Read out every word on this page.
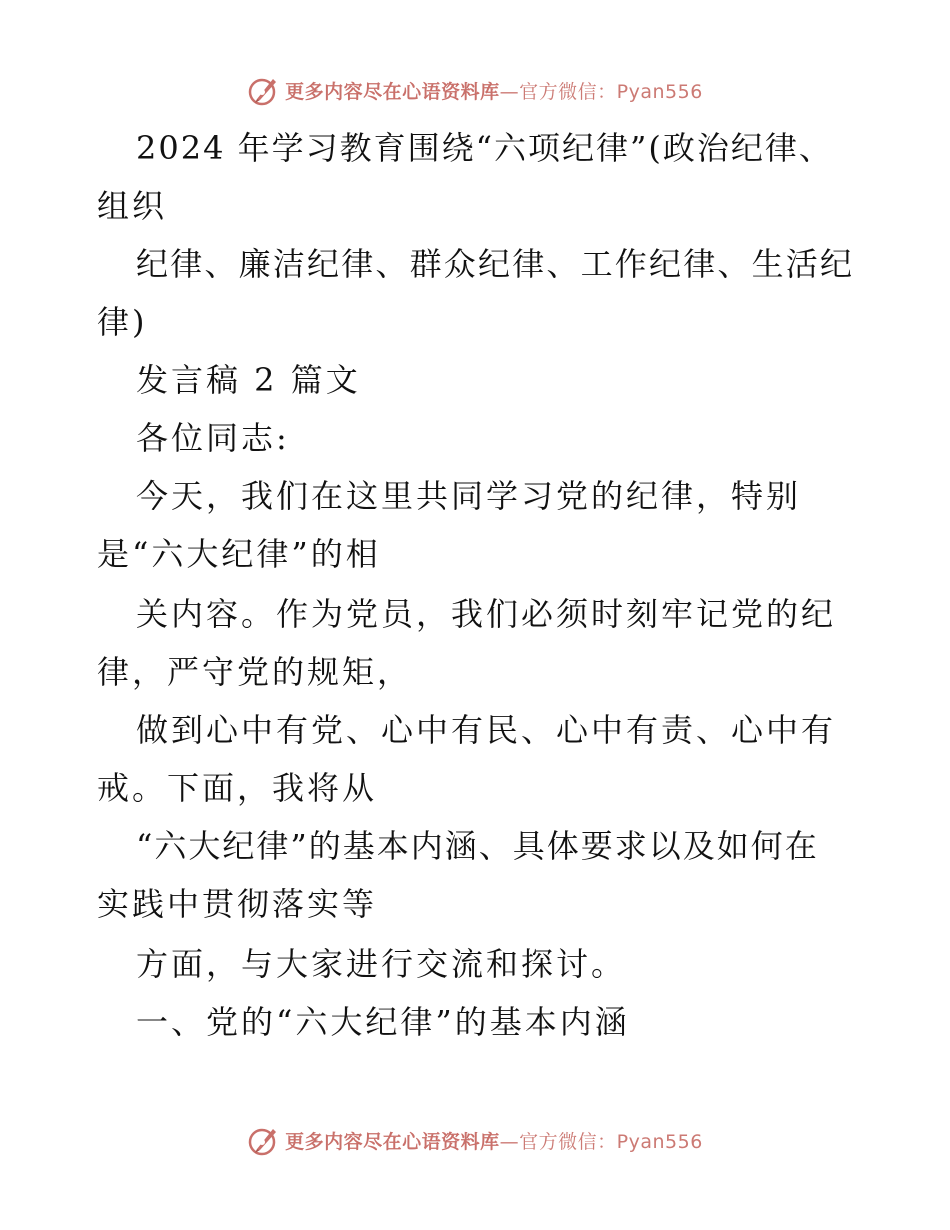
更多内容尽在心语资料库—官方微信：Pyan556
2024 年学习教育围绕“六项纪律”(政治纪律、
组织
纪律、廉洁纪律、群众纪律、工作纪律、生活纪
律)
发言稿 2 篇文
各位同志:
今天，我们在这里共同学习党的纪律，特别
是“六大纪律”的相
关内容。作为党员，我们必须时刻牢记党的纪
律，严守党的规矩，
做到心中有党、心中有民、心中有责、心中有
戒。下面，我将从
“六大纪律”的基本内涵、具体要求以及如何在
实践中贯彻落实等
方面，与大家进行交流和探讨。
一、党的“六大纪律”的基本内涵
更多内容尽在心语资料库—官方微信：Pyan556
